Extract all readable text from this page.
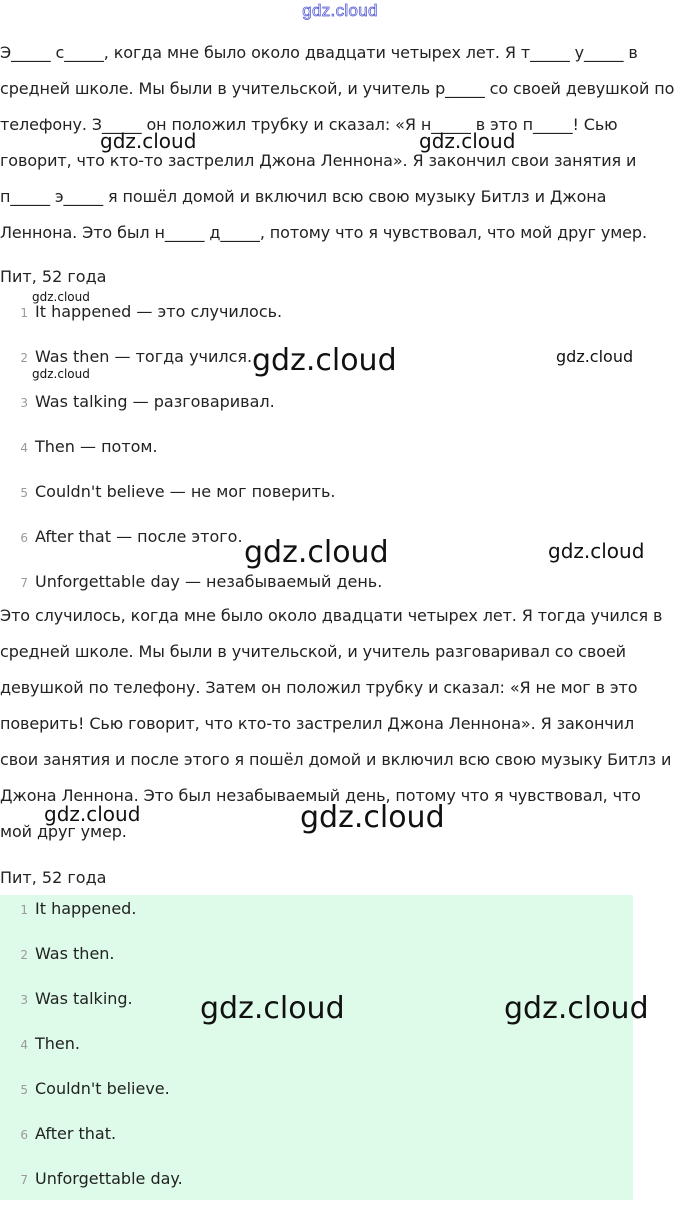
gdz.cloud

Э_____ с_____, когда мне было около двадцати четырех лет. Я т_____ у_____ в средней школе. Мы были в учительской, и учитель р_____ со своей девушкой по телефону. З_____ он положил трубку и сказал: «Я н_____ в это п_____! Сью говорит, что кто-то застрелил Джона Леннона». Я закончил свои занятия и п_____ э_____ я пошёл домой и включил всю свою музыку Битлз и Джона Леннона. Это был н_____ д_____, потому что я чувствовал, что мой друг умер.

Пит, 52 года
1 It happened — это случилось.
2 Was then — тогда учился.
3 Was talking — разговаривал.
4 Then — потом.
5 Couldn't believe — не мог поверить.
6 After that — после этого.
7 Unforgettable day — незабываемый день.

Это случилось, когда мне было около двадцати четырех лет. Я тогда учился в средней школе. Мы были в учительской, и учитель разговаривал со своей девушкой по телефону. Затем он положил трубку и сказал: «Я не мог в это поверить! Сью говорит, что кто-то застрелил Джона Леннона». Я закончил свои занятия и после этого я пошёл домой и включил всю свою музыку Битлз и Джона Леннона. Это был незабываемый день, потому что я чувствовал, что мой друг умер.

Пит, 52 года
1 It happened.
2 Was then.
3 Was talking.
4 Then.
5 Couldn't believe.
6 After that.
7 Unforgettable day.
gdz.cloud	gdz.cloud
gdz.cloud
gdz.cloud	gdz.cloud	gdz.cloud
gdz.cloud	gdz.cloud
gdz.cloud	gdz.cloud
gdz.cloud	gdz.cloud
